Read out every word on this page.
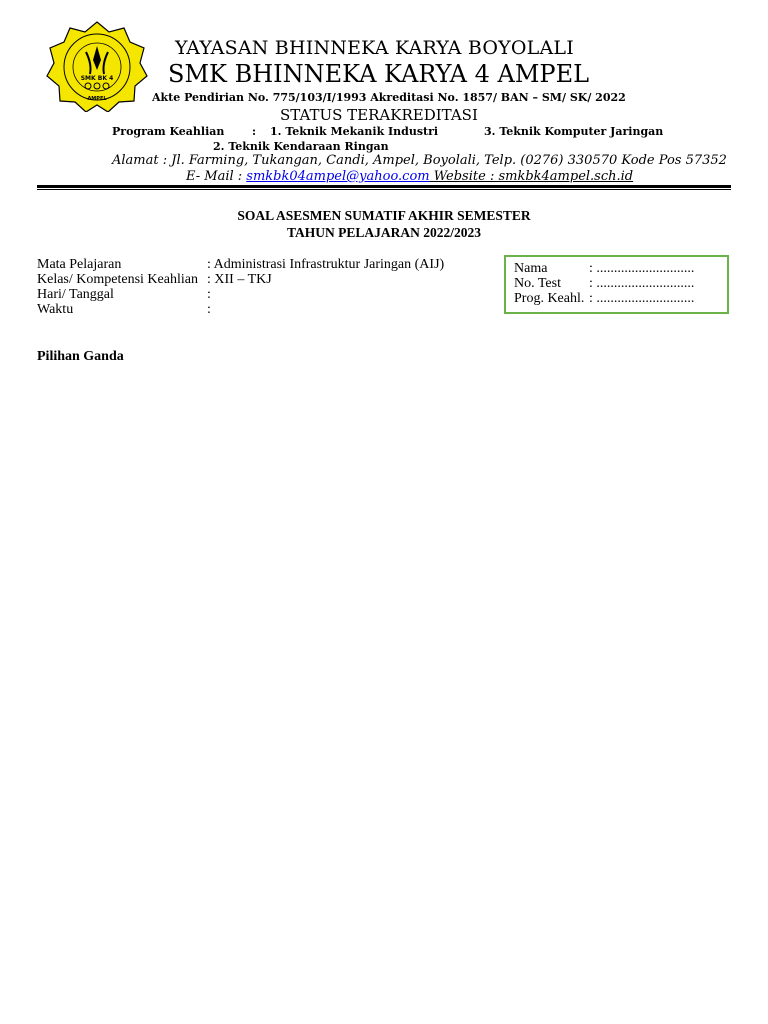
SMK BK 4
AMPEL
YAYASAN BHINNEKA KARYA BOYOLALI
SMK BHINNEKA KARYA 4 AMPEL
Akte Pendirian No. 775/103/I/1993 Akreditasi No. 1857/ BAN – SM/ SK/ 2022
STATUS TERAKREDITASI
Program Keahlian	: 1. Teknik Mekanik Industri	3. Teknik Komputer Jaringan
2. Teknik Kendaraan Ringan
Alamat : Jl. Farming, Tukangan, Candi, Ampel, Boyolali, Telp. (0276) 330570 Kode Pos 57352
E- Mail : smkbk04ampel@yahoo.com Website : smkbk4ampel.sch.id
SOAL ASESMEN SUMATIF AKHIR SEMESTER
TAHUN PELAJARAN 2022/2023
Mata Pelajaran	: Administrasi Infrastruktur Jaringan (AIJ)
Kelas/ Kompetensi Keahlian : XII – TKJ
Hari/ Tanggal	:
Waktu	:
Nama	: ............................
No. Test : ............................
Prog. Keahl. : ............................
Pilihan Ganda
